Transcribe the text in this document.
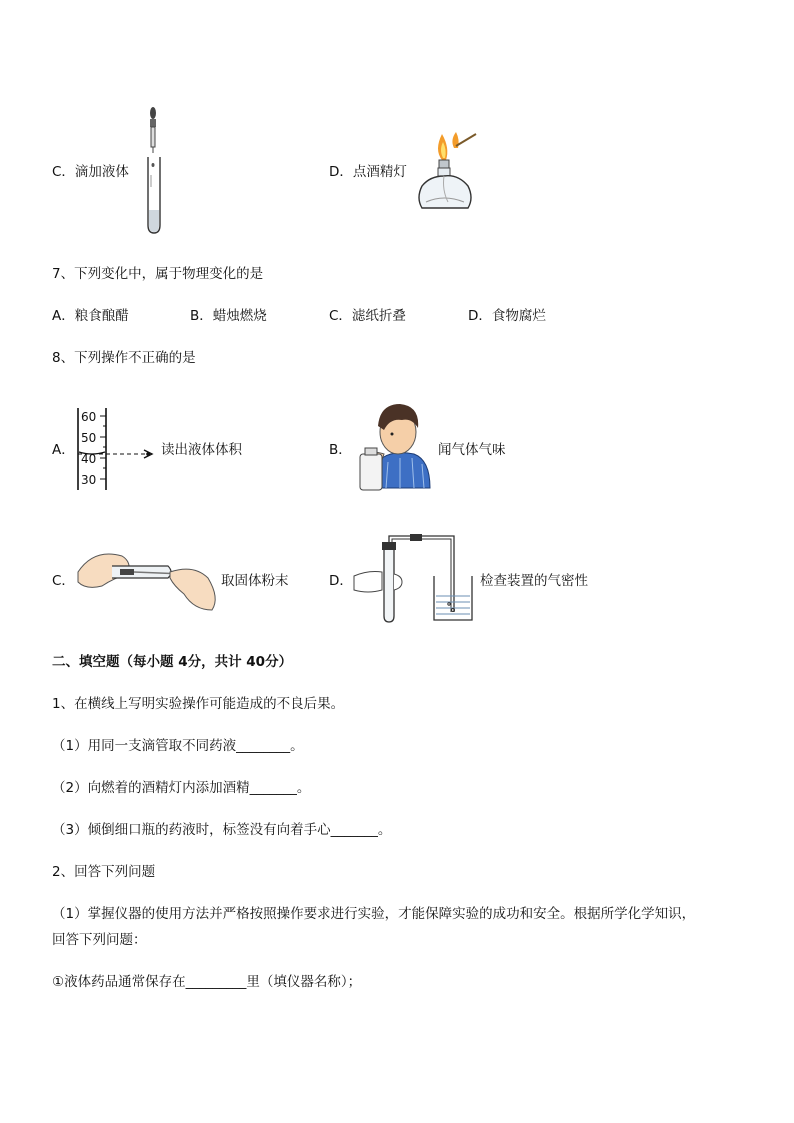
C．滴加液体	D．点酒精灯
7、下列变化中，属于物理变化的是
A．粮食酿醋	B．蜡烛燃烧	C．滤纸折叠	D．食物腐烂
8、下列操作不正确的是
A．
60
50
40
30
读出液体体积	B．	闻气体气味
C．	取固体粉末	D．	检查装置的气密性
二、填空题（每小题 4分，共计 40分）
1、在横线上写明实验操作可能造成的不良后果。
（1）用同一支滴管取不同药液________。
（2）向燃着的酒精灯内添加酒精_______。
（3）倾倒细口瓶的药液时，标签没有向着手心_______。
2、回答下列问题
（1）掌握仪器的使用方法并严格按照操作要求进行实验，才能保障实验的成功和安全。根据所学化学知识，
回答下列问题：
①液体药品通常保存在_________里（填仪器名称）；
